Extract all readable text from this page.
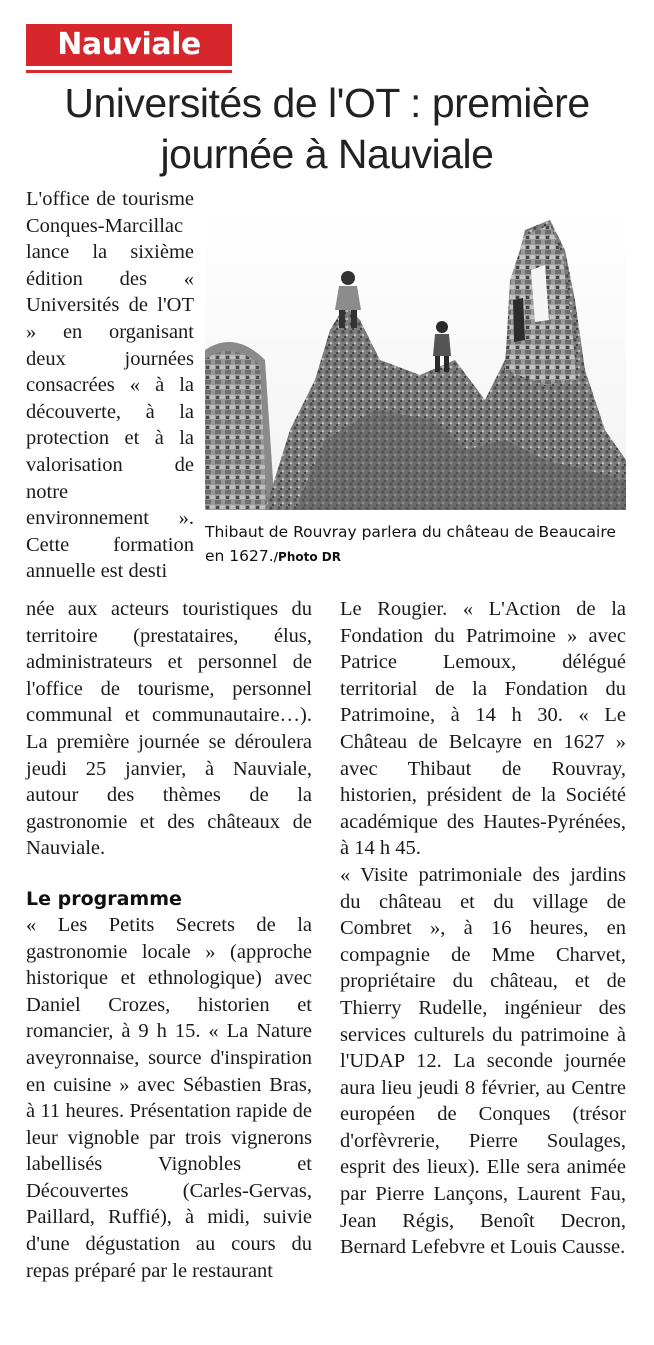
Nauviale
Universités de l'OT : première journée à Nauviale
L'office de tourisme Conques-Marcillac lance la sixième édition des « Universités de l'OT » en organisant deux journées consacrées « à la découverte, à la protection et à la valorisation de notre environnement ». Cette formation annuelle est desti
Thibaut de Rouvray parlera du château de Beaucaire en 1627./Photo DR

née aux acteurs touristiques du territoire (prestataires, élus, administrateurs et personnel de l'office de tourisme, personnel communal et communautaire…). La première journée se déroulera jeudi 25 janvier, à Nauviale, autour des thèmes de la gastronomie et des châteaux de Nauviale.

Le programme

« Les Petits Secrets de la gastronomie locale » (approche historique et ethnologique) avec Daniel Crozes, historien et romancier, à 9 h 15. « La Nature aveyronnaise, source d'inspiration en cuisine » avec Sébastien Bras, à 11 heures. Présentation rapide de leur vignoble par trois vignerons labellisés Vignobles et Découvertes (Carles-Gervas, Paillard, Ruffié), à midi, suivie d'une dégustation au cours du repas préparé par le restaurant

Le Rougier. « L'Action de la Fondation du Patrimoine » avec Patrice Lemoux, délégué territorial de la Fondation du Patrimoine, à 14 h 30. « Le Château de Belcayre en 1627 » avec Thibaut de Rouvray, historien, président de la Société académique des Hautes-Pyrénées, à 14 h 45.

« Visite patrimoniale des jardins du château et du village de Combret », à 16 heures, en compagnie de Mme Charvet, propriétaire du château, et de Thierry Rudelle, ingénieur des services culturels du patrimoine à l'UDAP 12. La seconde journée aura lieu jeudi 8 février, au Centre européen de Conques (trésor d'orfèvrerie, Pierre Soulages, esprit des lieux). Elle sera animée par Pierre Lançons, Laurent Fau, Jean Régis, Benoît Decron, Bernard Lefebvre et Louis Causse.
